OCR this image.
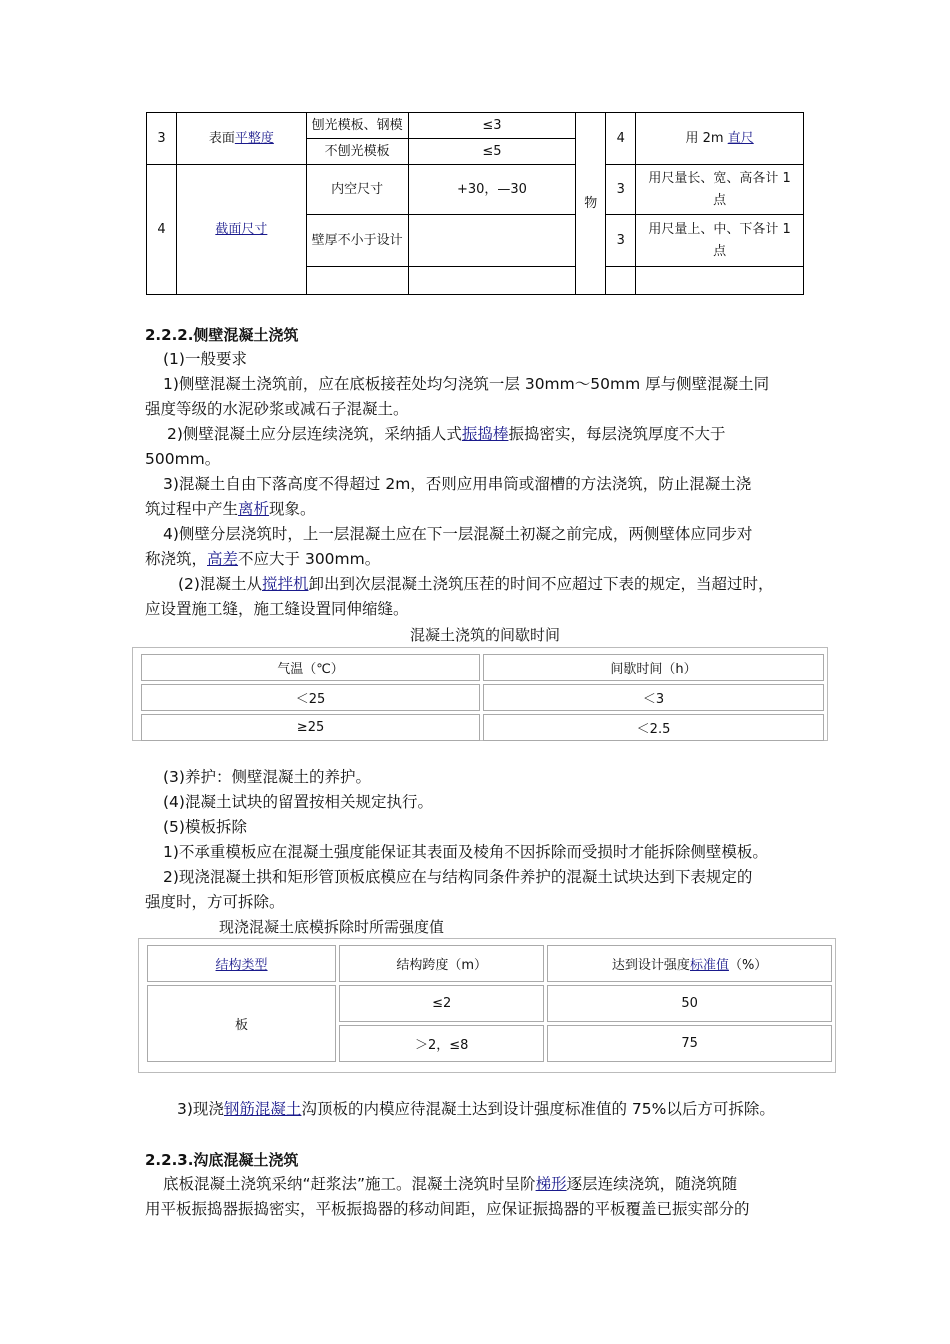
3	表面平整度	刨光模板、钢模	≤3	物	4	用 2m 直尺
		不刨光模板	≤5			
4	截面尺寸	内空尺寸	+30，—30		3	用尺量长、宽、高各计 1 点
		壁厚不小于设计			3	用尺量上、中、下各计 1 点

2.2.2.侧壁混凝土浇筑
(1)一般要求
1)侧壁混凝土浇筑前，应在底板接茬处均匀浇筑一层 30mm～50mm 厚与侧壁混凝土同
强度等级的水泥砂浆或减石子混凝土。
2)侧壁混凝土应分层连续浇筑，采纳插人式振捣棒振捣密实，每层浇筑厚度不大于
500mm。
3)混凝土自由下落高度不得超过 2m，否则应用串筒或溜槽的方法浇筑，防止混凝土浇
筑过程中产生离析现象。
4)侧壁分层浇筑时，上一层混凝土应在下一层混凝土初凝之前完成，两侧壁体应同步对
称浇筑，高差不应大于 300mm。
(2)混凝土从搅拌机卸出到次层混凝土浇筑压茬的时间不应超过下表的规定，当超过时，
应设置施工缝，施工缝设置同伸缩缝。
混凝土浇筑的间歇时间
气温（℃）	间歇时间（h）
＜25	＜3
≥25	＜2.5
(3)养护：侧壁混凝土的养护。
(4)混凝土试块的留置按相关规定执行。
(5)模板拆除
1)不承重模板应在混凝土强度能保证其表面及棱角不因拆除而受损时才能拆除侧壁模板。
2)现浇混凝土拱和矩形管顶板底模应在与结构同条件养护的混凝土试块达到下表规定的
强度时，方可拆除。
现浇混凝土底模拆除时所需强度值
结构类型	结构跨度（m）	达到设计强度标准值（%）
板	≤2	50
	＞2，≤8	75
3)现浇钢筋混凝土沟顶板的内模应待混凝土达到设计强度标准值的 75%以后方可拆除。
2.2.3.沟底混凝土浇筑
底板混凝土浇筑采纳“赶浆法”施工。混凝土浇筑时呈阶梯形逐层连续浇筑，随浇筑随
用平板振捣器振捣密实，平板振捣器的移动间距，应保证振捣器的平板覆盖已振实部分的
